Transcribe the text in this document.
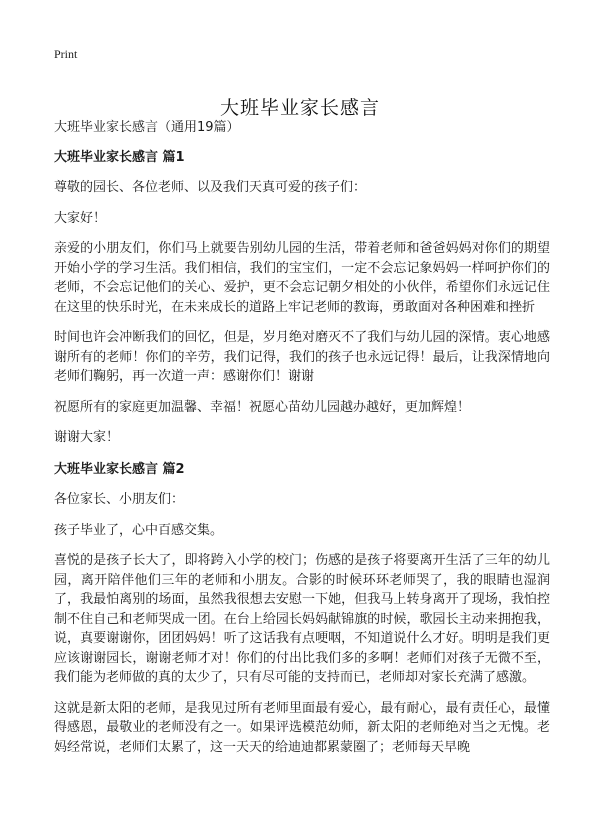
Print
大班毕业家长感言

大班毕业家长感言（通用19篇）

大班毕业家长感言 篇1

尊敬的园长、各位老师、以及我们天真可爱的孩子们：

大家好！

亲爱的小朋友们，你们马上就要告别幼儿园的生活，带着老师和爸爸妈妈对你们的期望开始小学的学习生活。我们相信，我们的宝宝们，一定不会忘记象妈妈一样呵护你们的老师，不会忘记他们的关心、爱护，更不会忘记朝夕相处的小伙伴，希望你们永远记住在这里的快乐时光，在未来成长的道路上牢记老师的教诲，勇敢面对各种困难和挫折

时间也许会冲断我们的回忆，但是，岁月绝对磨灭不了我们与幼儿园的深情。衷心地感谢所有的老师！你们的辛劳，我们记得，我们的孩子也永远记得！最后，让我深情地向老师们鞠躬，再一次道一声：感谢你们！谢谢

祝愿所有的家庭更加温馨、幸福！祝愿心苗幼儿园越办越好，更加辉煌！

谢谢大家！

大班毕业家长感言 篇2

各位家长、小朋友们：

孩子毕业了，心中百感交集。

喜悦的是孩子长大了，即将跨入小学的校门；伤感的是孩子将要离开生活了三年的幼儿园，离开陪伴他们三年的老师和小朋友。合影的时候环环老师哭了，我的眼睛也湿润了，我最怕离别的场面，虽然我很想去安慰一下她，但我马上转身离开了现场，我怕控制不住自己和老师哭成一团。在台上给园长妈妈献锦旗的时候，歌园长主动来拥抱我，说，真要谢谢你，团团妈妈！听了这话我有点哽咽，不知道说什么才好。明明是我们更应该谢谢园长，谢谢老师才对！你们的付出比我们多的多啊！老师们对孩子无微不至，我们能为老师做的真的太少了，只有尽可能的支持而已，老师却对家长充满了感激。

这就是新太阳的老师，是我见过所有老师里面最有爱心，最有耐心，最有责任心，最懂得感恩，最敬业的老师没有之一。如果评选模范幼师，新太阳的老师绝对当之无愧。老妈经常说，老师们太累了，这一天天的给迪迪都累蒙圈了；老师每天早晚
